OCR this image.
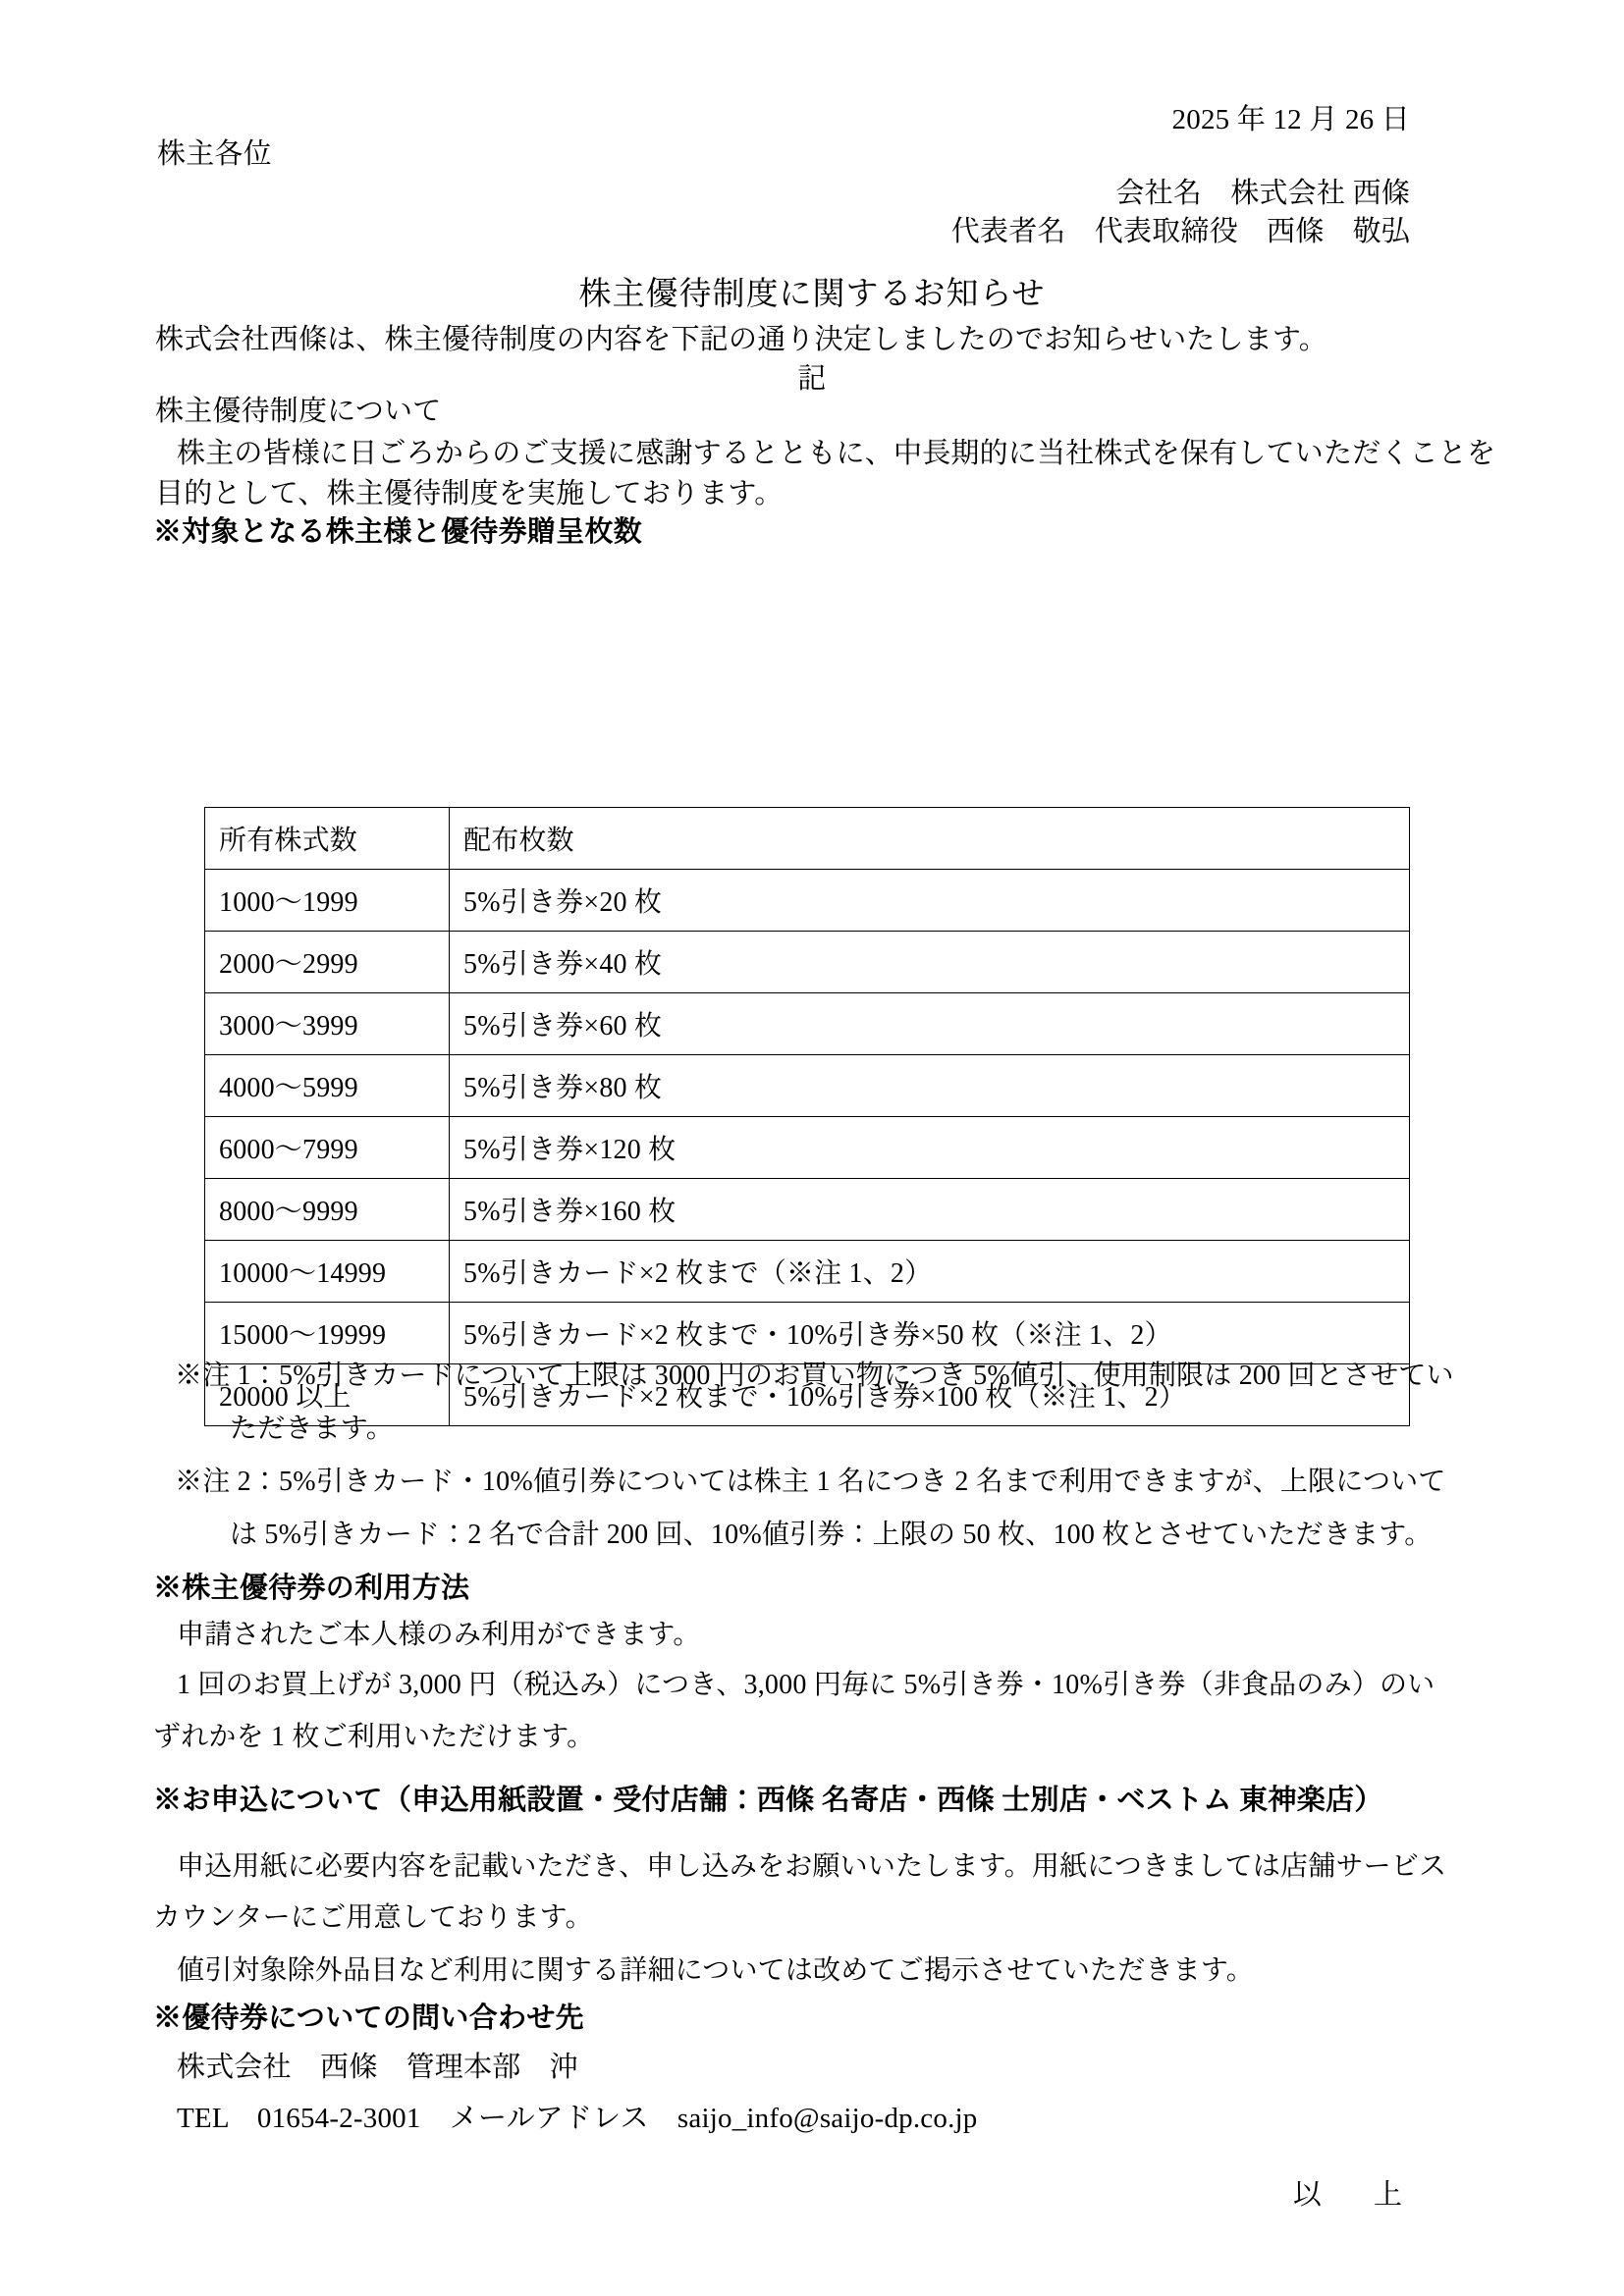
2025 年 12 月 26 日
株主各位
会社名　株式会社 西條
代表者名　代表取締役　西條　敬弘
株主優待制度に関するお知らせ
株式会社西條は、株主優待制度の内容を下記の通り決定しましたのでお知らせいたします。
記
株主優待制度について
株主の皆様に日ごろからのご支援に感謝するとともに、中長期的に当社株式を保有していただくことを
目的として、株主優待制度を実施しております。
※対象となる株主様と優待券贈呈枚数
所有株式数	配布枚数
1000～1999	5%引き券×20 枚
2000～2999	5%引き券×40 枚
3000～3999	5%引き券×60 枚
4000～5999	5%引き券×80 枚
6000～7999	5%引き券×120 枚
8000～9999	5%引き券×160 枚
10000～14999	5%引きカード×2 枚まで（※注 1、2）
15000～19999	5%引きカード×2 枚まで・10%引き券×50 枚（※注 1、2）
20000 以上	5%引きカード×2 枚まで・10%引き券×100 枚（※注 1、2）
※注 1：5%引きカードについて上限は 3000 円のお買い物につき 5%値引、使用制限は 200 回とさせてい
ただきます。
※注 2：5%引きカード・10%値引券については株主 1 名につき 2 名まで利用できますが、上限について
は 5%引きカード：2 名で合計 200 回、10%値引券：上限の 50 枚、100 枚とさせていただきます。
※株主優待券の利用方法
申請されたご本人様のみ利用ができます。
1 回のお買上げが 3,000 円（税込み）につき、3,000 円毎に 5%引き券・10%引き券（非食品のみ）のい
ずれかを 1 枚ご利用いただけます。
※お申込について（申込用紙設置・受付店舗：西條 名寄店・西條 士別店・ベストム 東神楽店）
申込用紙に必要内容を記載いただき、申し込みをお願いいたします。用紙につきましては店舗サービス
カウンターにご用意しております。
値引対象除外品目など利用に関する詳細については改めてご掲示させていただきます。
※優待券についての問い合わせ先
株式会社　西條　管理本部　沖
TEL　01654-2-3001　メールアドレス　saijo_info@saijo-dp.co.jp
以　上
